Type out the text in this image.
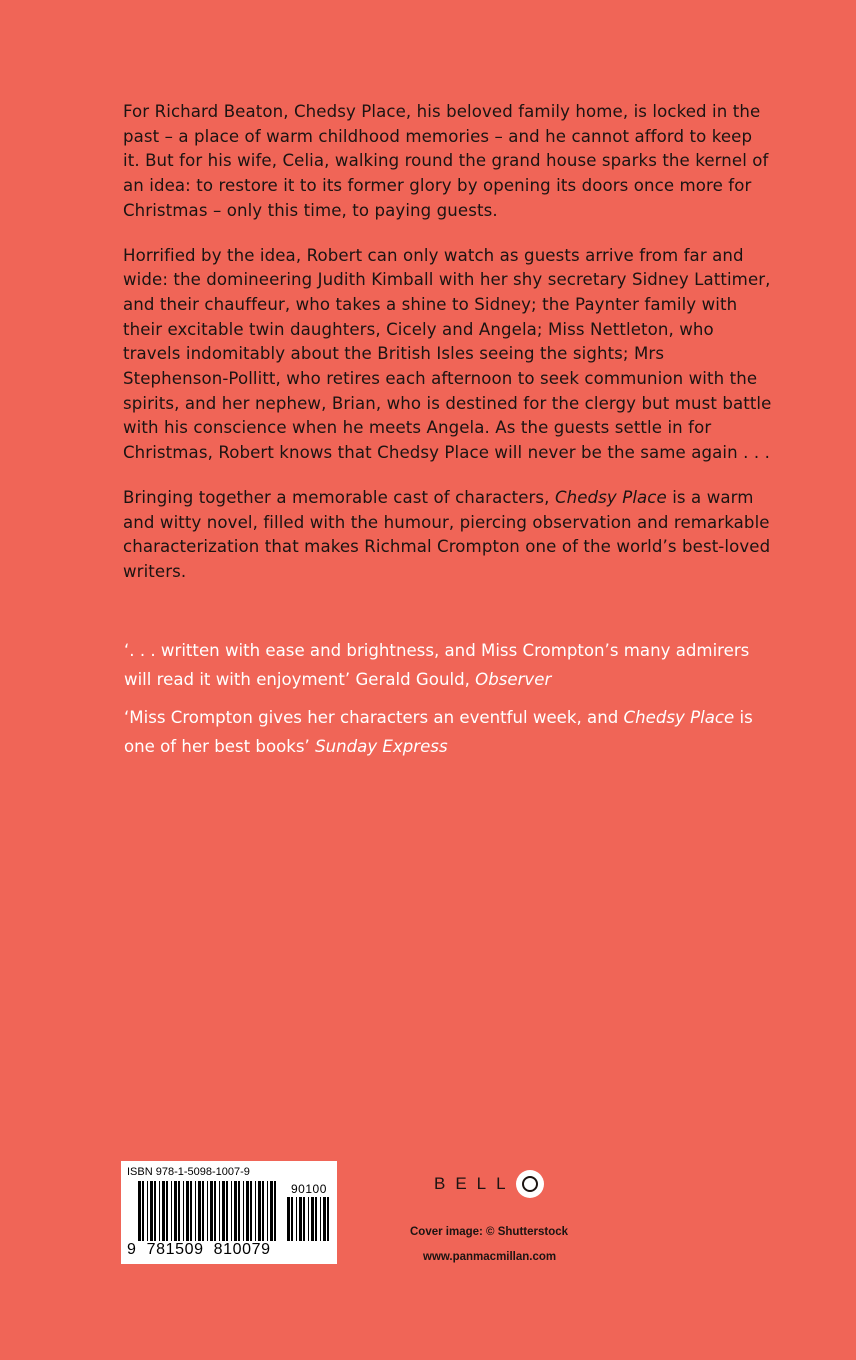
For Richard Beaton, Chedsy Place, his beloved family home, is locked in the past – a place of warm childhood memories – and he cannot afford to keep it. But for his wife, Celia, walking round the grand house sparks the kernel of an idea: to restore it to its former glory by opening its doors once more for Christmas – only this time, to paying guests.

Horrified by the idea, Robert can only watch as guests arrive from far and wide: the domineering Judith Kimball with her shy secretary Sidney Lattimer, and their chauffeur, who takes a shine to Sidney; the Paynter family with their excitable twin daughters, Cicely and Angela; Miss Nettleton, who travels indomitably about the British Isles seeing the sights; Mrs Stephenson-Pollitt, who retires each afternoon to seek communion with the spirits, and her nephew, Brian, who is destined for the clergy but must battle with his conscience when he meets Angela. As the guests settle in for Christmas, Robert knows that Chedsy Place will never be the same again . . .

Bringing together a memorable cast of characters, Chedsy Place is a warm and witty novel, filled with the humour, piercing observation and remarkable characterization that makes Richmal Crompton one of the world’s best-loved writers.

‘. . . written with ease and brightness, and Miss Crompton’s many admirers will read it with enjoyment’ Gerald Gould, Observer

‘Miss Crompton gives her characters an eventful week, and Chedsy Place is one of her best books’ Sunday Express

ISBN 978-1-5098-1007-9
90100
9  781509  810079
BELL
Cover image: © Shutterstock
www.panmacmillan.com
